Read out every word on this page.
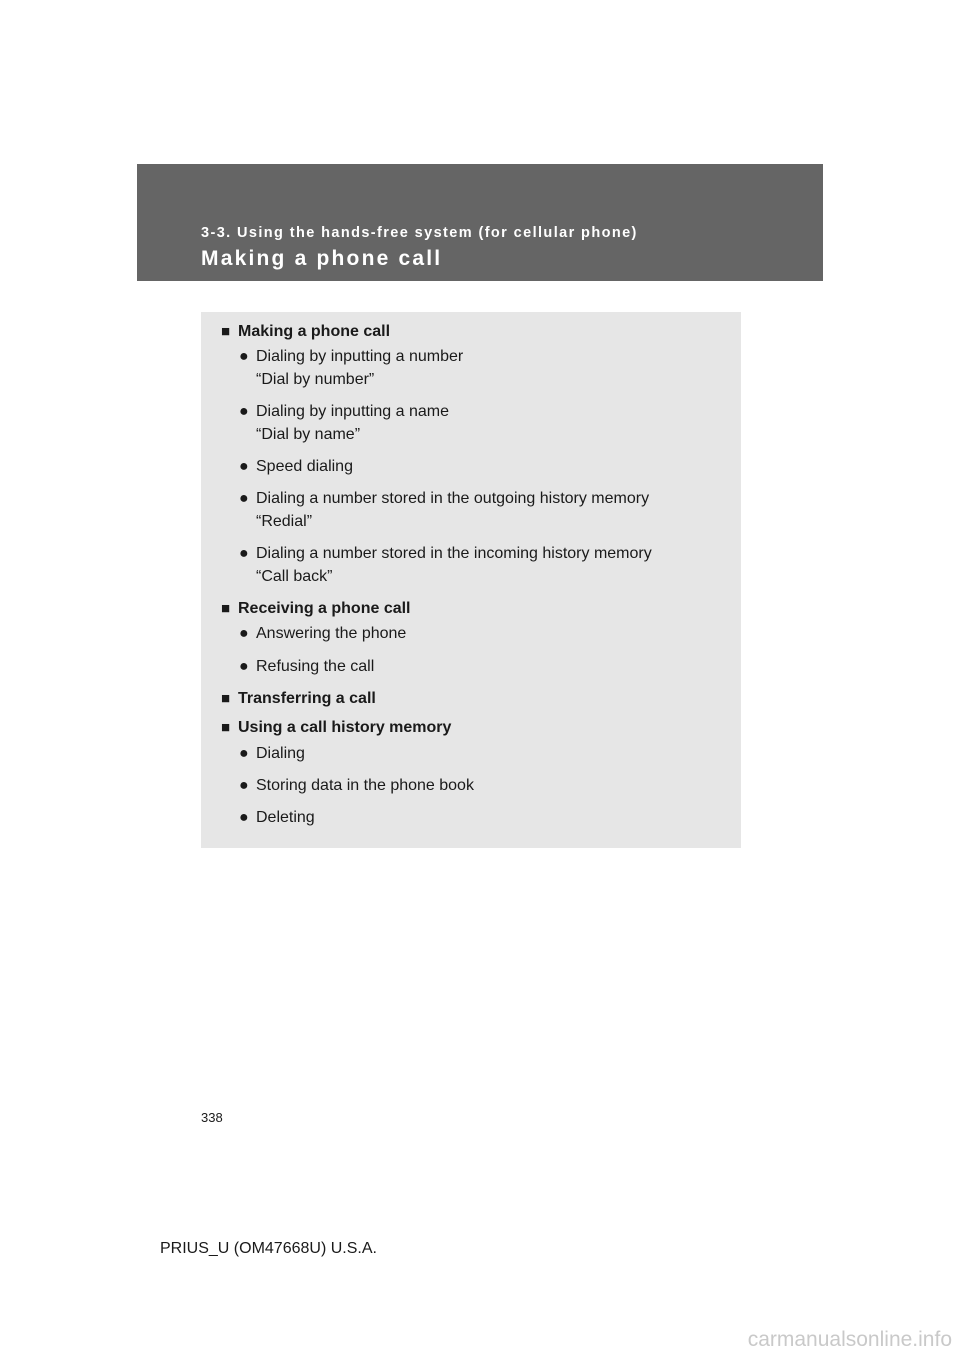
3-3. Using the hands-free system (for cellular phone)
Making a phone call
■ Making a phone call
● Dialing by inputting a number
“Dial by number”
● Dialing by inputting a name
“Dial by name”
● Speed dialing
● Dialing a number stored in the outgoing history memory
“Redial”
● Dialing a number stored in the incoming history memory
“Call back”
■ Receiving a phone call
● Answering the phone
● Refusing the call
■ Transferring a call
■ Using a call history memory
● Dialing
● Storing data in the phone book
● Deleting
338
PRIUS_U (OM47668U) U.S.A.
carmanualsonline.info
